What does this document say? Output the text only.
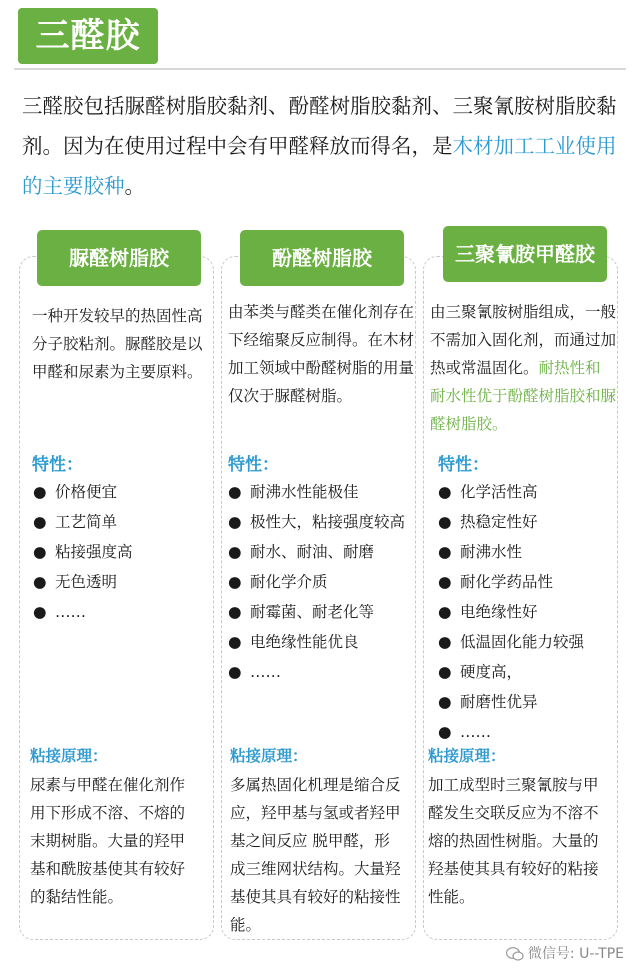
三醛胶
三醛胶包括脲醛树脂胶黏剂、酚醛树脂胶黏剂、三聚氰胺树脂胶黏剂。因为在使用过程中会有甲醛释放而得名，是木材加工工业使用的主要胶种。
脲醛树脂胶
一种开发较早的热固性高分子胶粘剂。脲醛胶是以甲醛和尿素为主要原料。
特性：
● 价格便宜
● 工艺简单
● 粘接强度高
● 无色透明
● ……
粘接原理：
尿素与甲醛在催化剂作用下形成不溶、不熔的末期树脂。大量的羟甲基和酰胺基使其有较好的黏结性能。
酚醛树脂胶
由苯类与醛类在催化剂存在下经缩聚反应制得。在木材加工领域中酚醛树脂的用量仅次于脲醛树脂。
特性：
● 耐沸水性能极佳
● 极性大，粘接强度较高
● 耐水、耐油、耐磨
● 耐化学介质
● 耐霉菌、耐老化等
● 电绝缘性能优良
● ……
粘接原理：
多属热固化机理是缩合反应，羟甲基与氢或者羟甲基之间反应 脱甲醛，形成三维网状结构。大量羟基使其具有较好的粘接性能。
三聚氰胺甲醛胶
由三聚氰胺树脂组成，一般不需加入固化剂，而通过加热或常温固化。耐热性和耐水性优于酚醛树脂胶和脲醛树脂胶。
特性：
● 化学活性高
● 热稳定性好
● 耐沸水性
● 耐化学药品性
● 电绝缘性好
● 低温固化能力较强
● 硬度高，
● 耐磨性优异
● ……
粘接原理：
加工成型时三聚氰胺与甲醛发生交联反应为不溶不熔的热固性树脂。大量的羟基使其具有较好的粘接性能。
微信号: U--TPE
